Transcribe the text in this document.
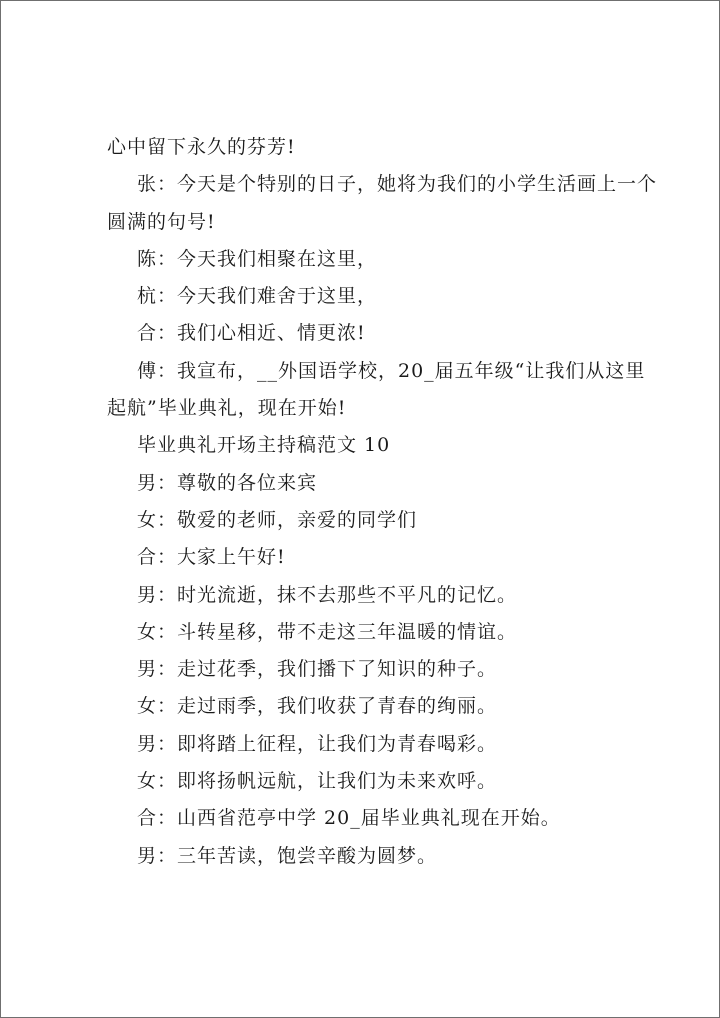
心中留下永久的芬芳!
张：今天是个特别的日子，她将为我们的小学生活画上一个
圆满的句号!
陈：今天我们相聚在这里，
杭：今天我们难舍于这里，
合：我们心相近、情更浓!
傅：我宣布，__外国语学校，20_届五年级“让我们从这里
起航”毕业典礼，现在开始!
毕业典礼开场主持稿范文 10
男：尊敬的各位来宾
女：敬爱的老师，亲爱的同学们
合：大家上午好!
男：时光流逝，抹不去那些不平凡的记忆。
女：斗转星移，带不走这三年温暖的情谊。
男：走过花季，我们播下了知识的种子。
女：走过雨季，我们收获了青春的绚丽。
男：即将踏上征程，让我们为青春喝彩。
女：即将扬帆远航，让我们为未来欢呼。
合：山西省范亭中学 20_届毕业典礼现在开始。
男：三年苦读，饱尝辛酸为圆梦。
